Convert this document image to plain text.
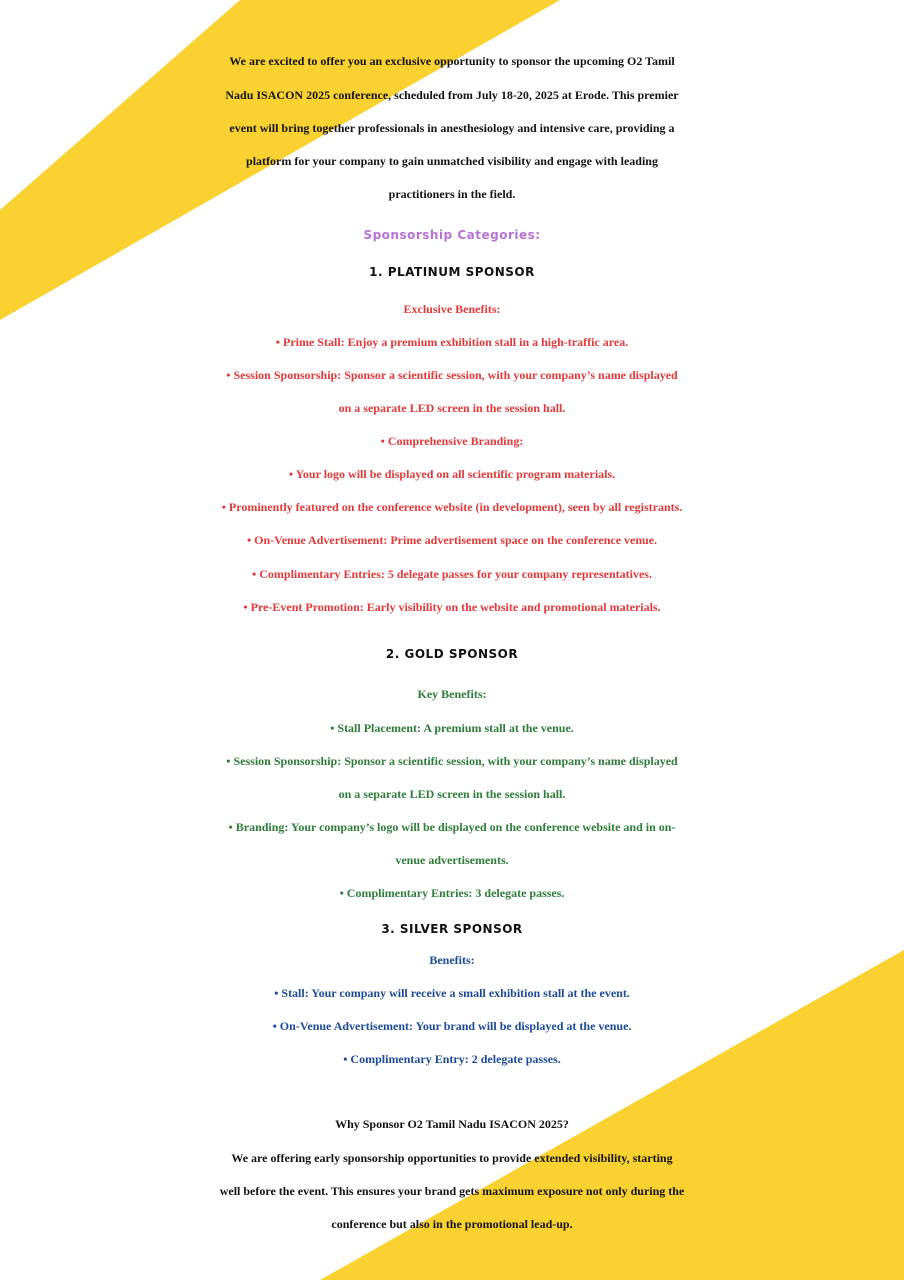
We are excited to offer you an exclusive opportunity to sponsor the upcoming O2 Tamil
Nadu ISACON 2025 conference, scheduled from July 18-20, 2025 at Erode. This premier
event will bring together professionals in anesthesiology and intensive care, providing a
platform for your company to gain unmatched visibility and engage with leading
practitioners in the field.
Sponsorship Categories:
1. PLATINUM SPONSOR
Exclusive Benefits:
• Prime Stall: Enjoy a premium exhibition stall in a high-traffic area.
• Session Sponsorship: Sponsor a scientific session, with your company’s name displayed
on a separate LED screen in the session hall.
• Comprehensive Branding:
• Your logo will be displayed on all scientific program materials.
• Prominently featured on the conference website (in development), seen by all registrants.
• On-Venue Advertisement: Prime advertisement space on the conference venue.
• Complimentary Entries: 5 delegate passes for your company representatives.
• Pre-Event Promotion: Early visibility on the website and promotional materials.
2. GOLD SPONSOR
Key Benefits:
• Stall Placement: A premium stall at the venue.
• Session Sponsorship: Sponsor a scientific session, with your company’s name displayed
on a separate LED screen in the session hall.
• Branding: Your company’s logo will be displayed on the conference website and in on-
venue advertisements.
• Complimentary Entries: 3 delegate passes.
3. SILVER SPONSOR
Benefits:
• Stall: Your company will receive a small exhibition stall at the event.
• On-Venue Advertisement: Your brand will be displayed at the venue.
• Complimentary Entry: 2 delegate passes.
Why Sponsor O2 Tamil Nadu ISACON 2025?
We are offering early sponsorship opportunities to provide extended visibility, starting
well before the event. This ensures your brand gets maximum exposure not only during the
conference but also in the promotional lead-up.
